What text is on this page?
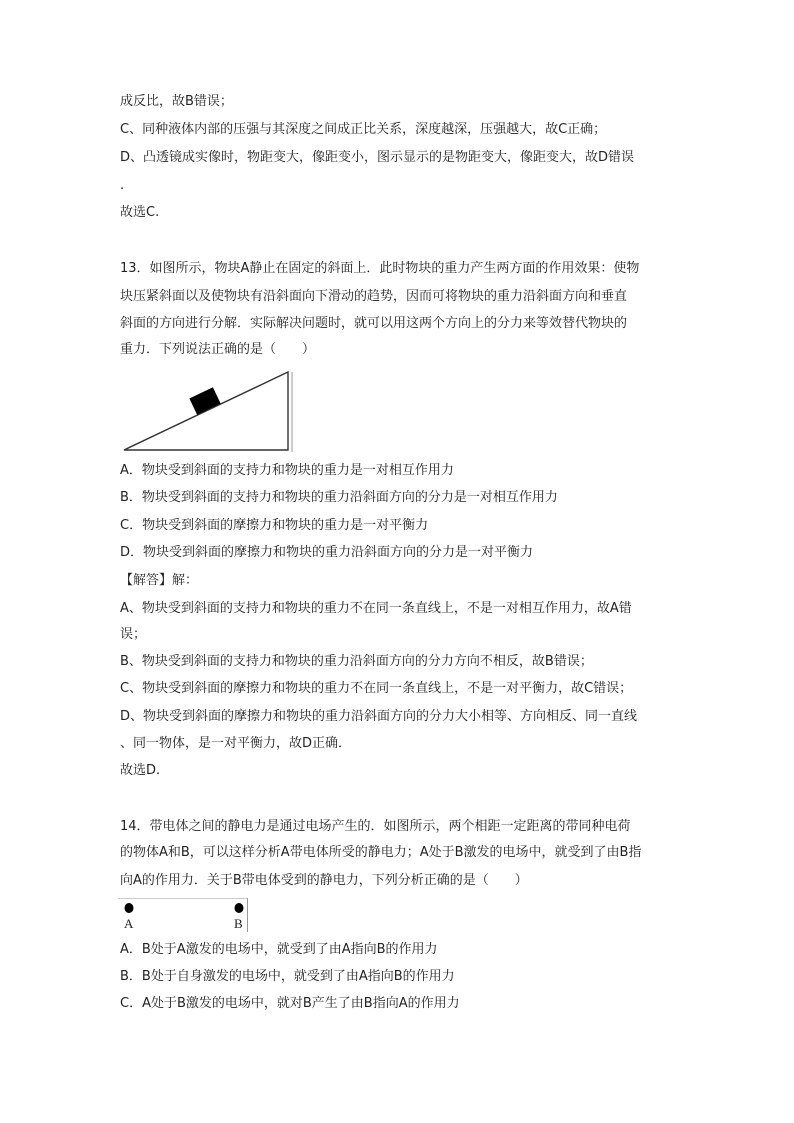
成反比，故B错误；
C、同种液体内部的压强与其深度之间成正比关系，深度越深，压强越大，故C正确；
D、凸透镜成实像时，物距变大，像距变小，图示显示的是物距变大，像距变大，故D错误
.
故选C.
13．如图所示，物块A静止在固定的斜面上．此时物块的重力产生两方面的作用效果：使物
块压紧斜面以及使物块有沿斜面向下滑动的趋势，因而可将物块的重力沿斜面方向和垂直
斜面的方向进行分解．实际解决问题时，就可以用这两个方向上的分力来等效替代物块的
重力．下列说法正确的是（　　）
A．物块受到斜面的支持力和物块的重力是一对相互作用力
B．物块受到斜面的支持力和物块的重力沿斜面方向的分力是一对相互作用力
C．物块受到斜面的摩擦力和物块的重力是一对平衡力
D．物块受到斜面的摩擦力和物块的重力沿斜面方向的分力是一对平衡力
【解答】解：
A、物块受到斜面的支持力和物块的重力不在同一条直线上，不是一对相互作用力，故A错
误；
B、物块受到斜面的支持力和物块的重力沿斜面方向的分力方向不相反，故B错误；
C、物块受到斜面的摩擦力和物块的重力不在同一条直线上，不是一对平衡力，故C错误；
D、物块受到斜面的摩擦力和物块的重力沿斜面方向的分力大小相等、方向相反、同一直线
、同一物体，是一对平衡力，故D正确．
故选D.
14．带电体之间的静电力是通过电场产生的．如图所示，两个相距一定距离的带同种电荷
的物体A和B，可以这样分析A带电体所受的静电力；A处于B激发的电场中，就受到了由B指
向A的作用力．关于B带电体受到的静电力，下列分析正确的是（　　）
A	B
A．B处于A激发的电场中，就受到了由A指向B的作用力
B．B处于自身激发的电场中，就受到了由A指向B的作用力
C．A处于B激发的电场中，就对B产生了由B指向A的作用力
